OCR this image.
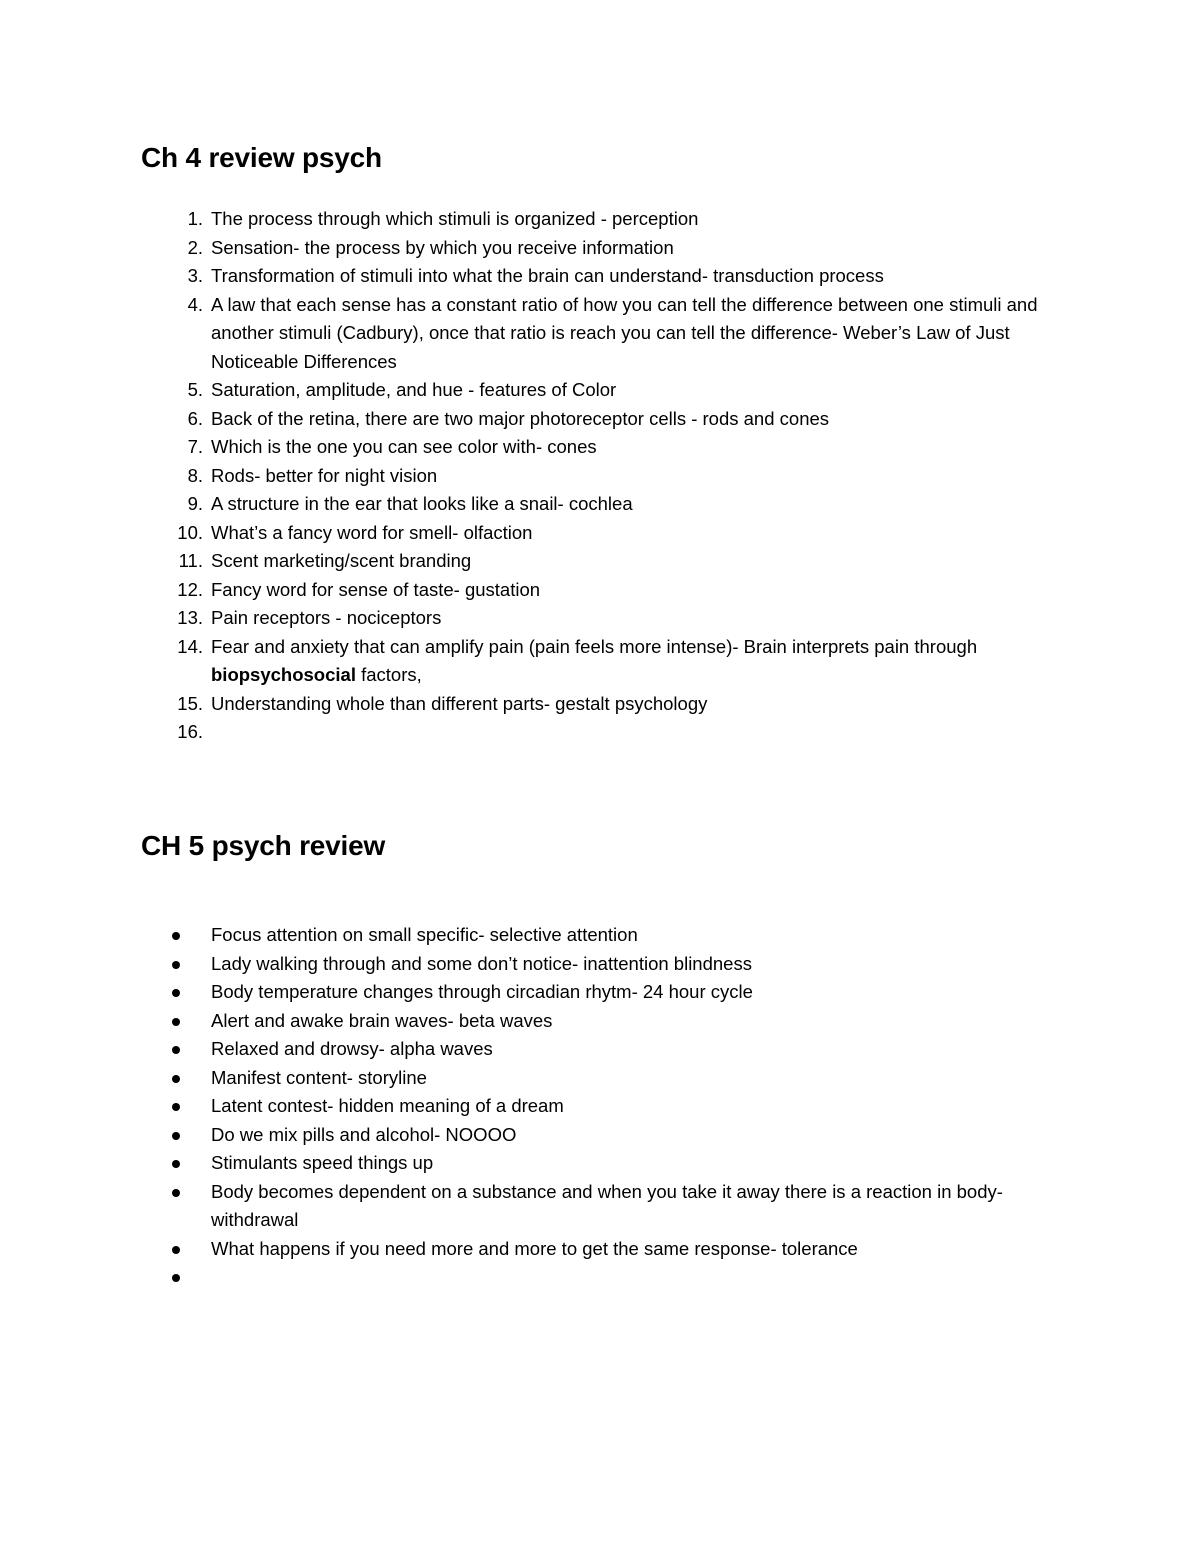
Ch 4 review psych
1. The process through which stimuli is organized - perception
2. Sensation- the process by which you receive information
3. Transformation of stimuli into what the brain can understand- transduction process
4. A law that each sense has a constant ratio of how you can tell the difference between one stimuli and another stimuli (Cadbury), once that ratio is reach you can tell the difference- Weber’s Law of Just Noticeable Differences
5. Saturation, amplitude, and hue - features of Color
6. Back of the retina, there are two major photoreceptor cells - rods and cones
7. Which is the one you can see color with- cones
8. Rods- better for night vision
9. A structure in the ear that looks like a snail- cochlea
10. What’s a fancy word for smell- olfaction
11. Scent marketing/scent branding
12. Fancy word for sense of taste- gustation
13. Pain receptors - nociceptors
14. Fear and anxiety that can amplify pain (pain feels more intense)- Brain interprets pain through biopsychosocial factors,
15. Understanding whole than different parts- gestalt psychology
16.
CH 5 psych review
Focus attention on small specific- selective attention
Lady walking through and some don’t notice- inattention blindness
Body temperature changes through circadian rhytm- 24 hour cycle
Alert and awake brain waves- beta waves
Relaxed and drowsy- alpha waves
Manifest content- storyline
Latent contest- hidden meaning of a dream
Do we mix pills and alcohol- NOOOO
Stimulants speed things up
Body becomes dependent on a substance and when you take it away there is a reaction in body- withdrawal
What happens if you need more and more to get the same response- tolerance
